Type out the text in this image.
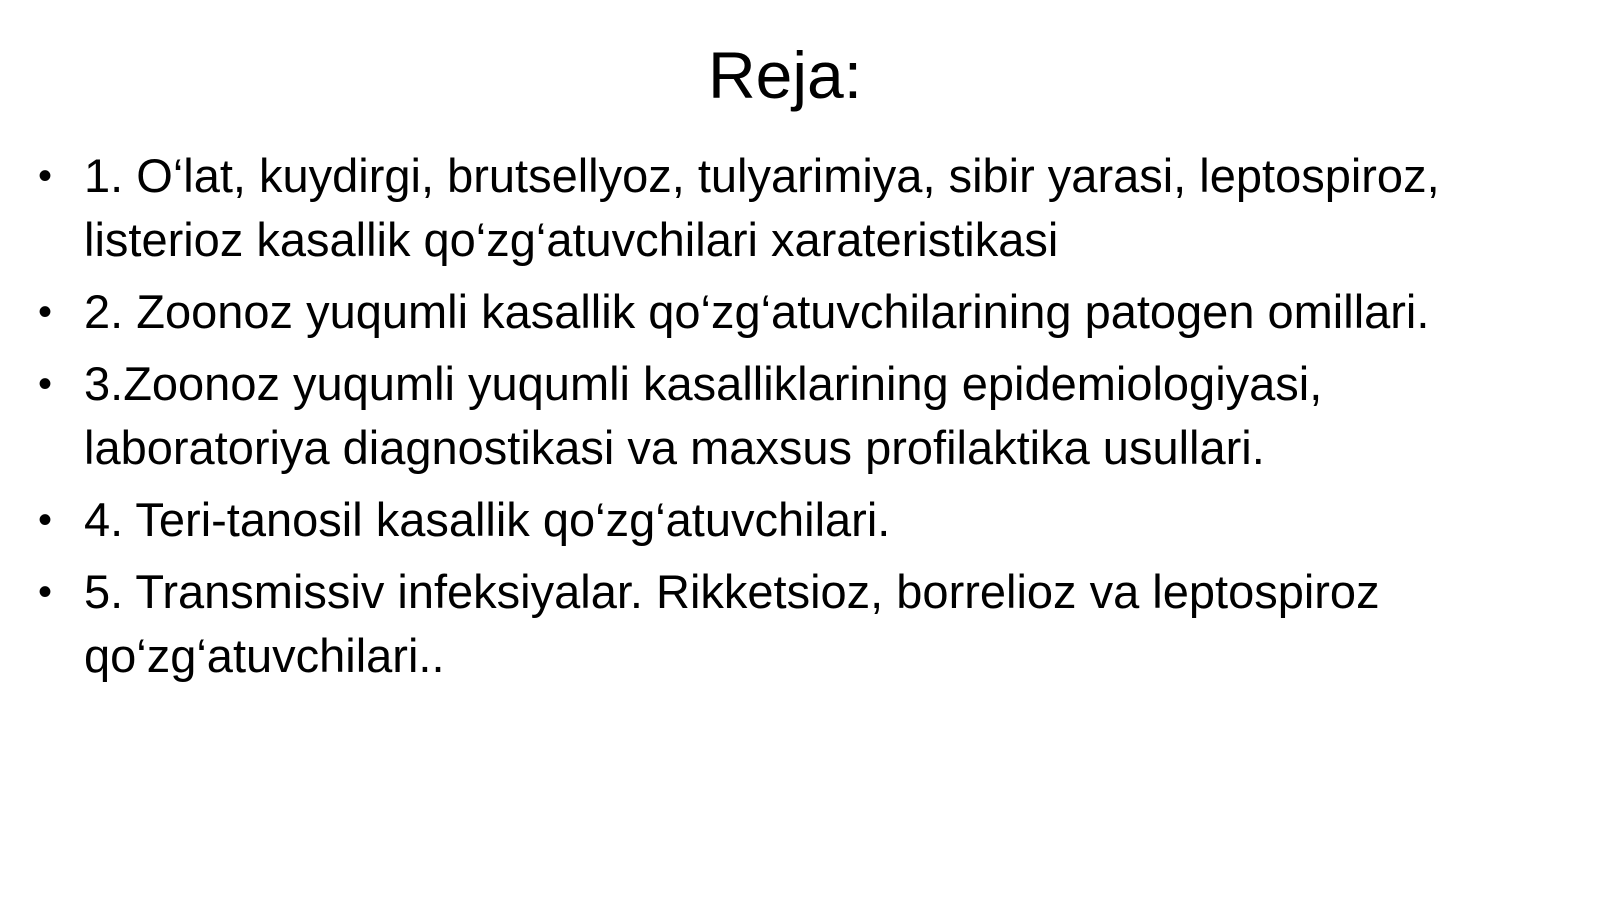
Reja:
• 1. O‘lat, kuydirgi, brutsellyoz, tulyarimiya, sibir yarasi, leptospiroz, listerioz kasallik qo‘zg‘atuvchilari xarateristikasi
• 2. Zoonoz yuqumli kasallik qo‘zg‘atuvchilarining patogen omillari.
• 3.Zoonoz yuqumli yuqumli kasalliklarining epidemiologiyasi, laboratoriya diagnostikasi va maxsus profilaktika usullari.
• 4. Teri-tanosil kasallik qo‘zg‘atuvchilari.
• 5. Transmissiv infeksiyalar. Rikketsioz, borrelioz va leptospiroz qo‘zg‘atuvchilari..
